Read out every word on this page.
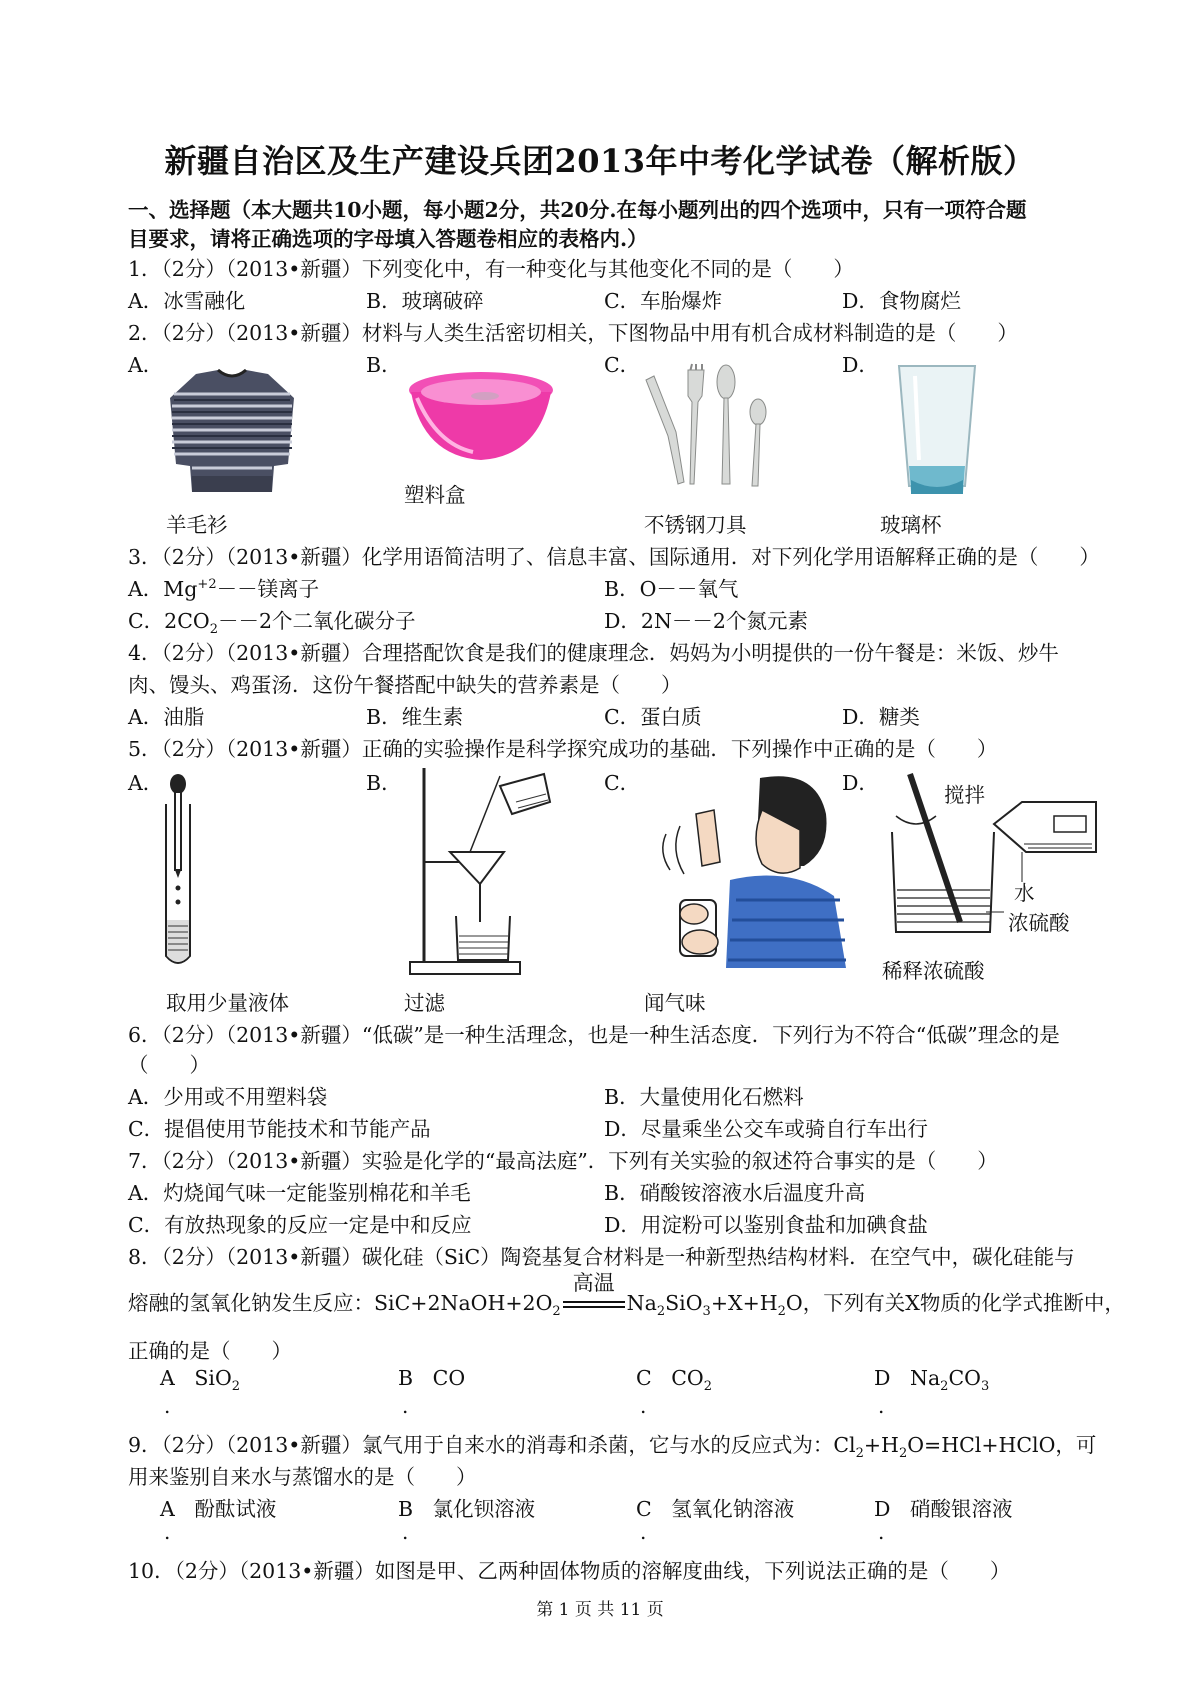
新疆自治区及生产建设兵团2013年中考化学试卷（解析版）
一、选择题（本大题共10小题，每小题2分，共20分.在每小题列出的四个选项中，只有一项符合题
目要求，请将正确选项的字母填入答题卷相应的表格内.）
1．（2分）（2013•新疆）下列变化中，有一种变化与其他变化不同的是（　　）
A．冰雪融化	B．玻璃破碎	C．车胎爆炸	D．食物腐烂
2．（2分）（2013•新疆）材料与人类生活密切相关，下图物品中用有机合成材料制造的是（　　）
A．	B．	C．	D．
塑料盒
羊毛衫	不锈钢刀具	玻璃杯
3．（2分）（2013•新疆）化学用语简洁明了、信息丰富、国际通用．对下列化学用语解释正确的是（　　）
A．$Mg^{+2}--$镁离子	B．O－－氧气
C．$2CO_2--2$个二氧化碳分子	D．2N－－2个氮元素
4．（2分）（2013•新疆）合理搭配饮食是我们的健康理念．妈妈为小明提供的一份午餐是：米饭、炒牛
肉、馒头、鸡蛋汤．这份午餐搭配中缺失的营养素是（　　）
A．油脂	B．维生素	C．蛋白质	D．糖类
5．（2分）（2013•新疆）正确的实验操作是科学探究成功的基础．下列操作中正确的是（　　）
A．	B．	C．	D．
取用少量液体	过滤	闻气味
搅拌
水
浓硫酸
稀释浓硫酸
6．（2分）（2013•新疆）“低碳”是一种生活理念，也是一种生活态度．下列行为不符合“低碳”理念的是
（　　）
A．少用或不用塑料袋	B．大量使用化石燃料
C．提倡使用节能技术和节能产品	D．尽量乘坐公交车或骑自行车出行
7．（2分）（2013•新疆）实验是化学的“最高法庭”．下列有关实验的叙述符合事实的是（　　）
A．灼烧闻气味一定能鉴别棉花和羊毛	B．硝酸铵溶液水后温度升高
C．有放热现象的反应一定是中和反应	D．用淀粉可以鉴别食盐和加碘食盐
8．（2分）（2013•新疆）碳化硅（SiC）陶瓷基复合材料是一种新型热结构材料．在空气中，碳化硅能与
熔融的氢氧化钠发生反应：$SiC+2NaOH+2O_2$
高温
$Na_2SiO_3+X+H_2O$，下列有关X物质的化学式推断中，
正确的是（　　）
A SiO$_2$	B CO	C $CO_2$	D $Na_2CO_3$
.	.	.	.
9．（2分）（2013•新疆）氯气用于自来水的消毒和杀菌，它与水的反应式为：$Cl_2+H_2O=HCl+HClO$，可
用来鉴别自来水与蒸馏水的是（　　）
A 酚酞试液	B 氯化钡溶液	C 氢氧化钠溶液	D 硝酸银溶液
.	.	.	.
10．（2分）（2013•新疆）如图是甲、乙两种固体物质的溶解度曲线，下列说法正确的是（　　）
第 1 页 共 11 页
